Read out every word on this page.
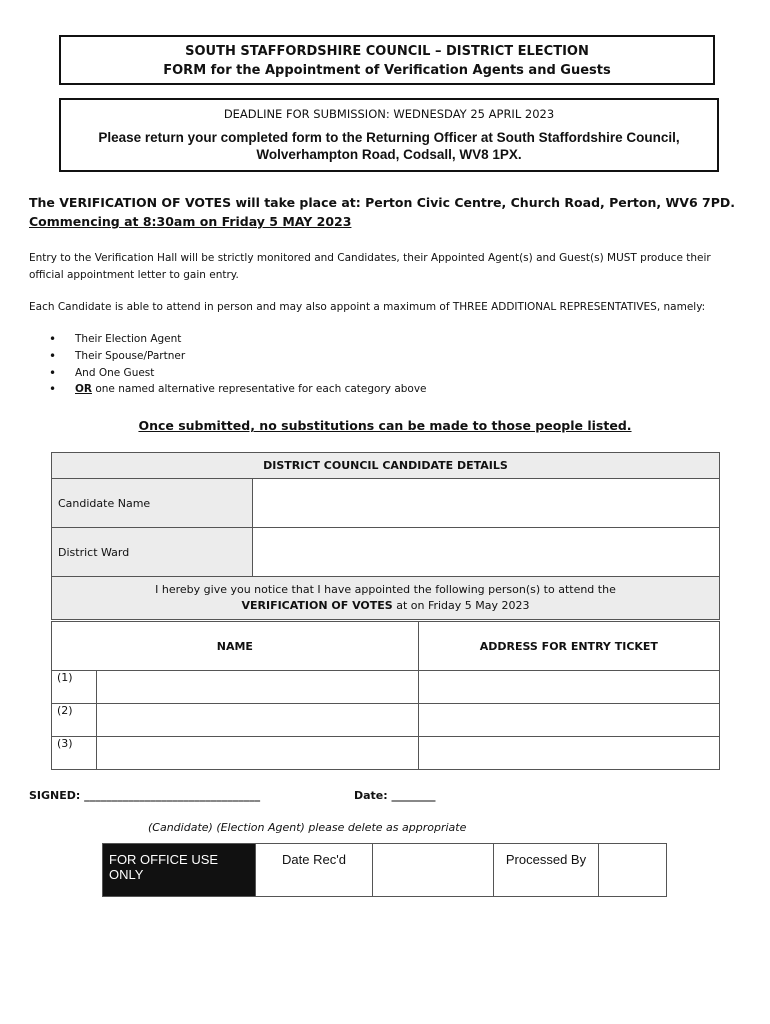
SOUTH STAFFORDSHIRE COUNCIL – DISTRICT ELECTION
FORM for the Appointment of Verification Agents and Guests
DEADLINE FOR SUBMISSION: WEDNESDAY 25 APRIL 2023
Please return your completed form to the Returning Officer at South Staffordshire Council,
Wolverhampton Road, Codsall, WV8 1PX.
The VERIFICATION OF VOTES will take place at: Perton Civic Centre, Church Road, Perton, WV6 7PD.
Commencing at 8:30am on Friday 5 MAY 2023
Entry to the Verification Hall will be strictly monitored and Candidates, their Appointed Agent(s) and Guest(s) MUST produce their official appointment letter to gain entry.
Each Candidate is able to attend in person and may also appoint a maximum of THREE ADDITIONAL REPRESENTATIVES, namely:
• Their Election Agent
• Their Spouse/Partner
• And One Guest
• OR one named alternative representative for each category above
Once submitted, no substitutions can be made to those people listed.
DISTRICT COUNCIL CANDIDATE DETAILS	
Candidate Name	
District Ward	

I hereby give you notice that I have appointed the following person(s) to attend the
VERIFICATION OF VOTES at on Friday 5 May 2023	
NAME		ADDRESS FOR ENTRY TICKET
(1)		
(2)		
(3)		
SIGNED: ________________________________	Date: ________
(Candidate) (Election Agent) please delete as appropriate
FOR OFFICE USE ONLY	Date Rec'd		Processed By	
